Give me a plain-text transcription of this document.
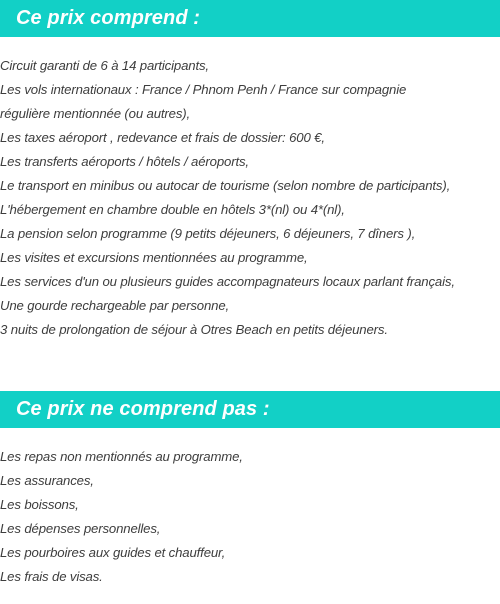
Ce prix comprend :
Circuit garanti de 6 à 14 participants,
Les vols internationaux : France / Phnom Penh / France sur compagnie
régulière mentionnée (ou autres),
Les taxes aéroport , redevance et frais de dossier: 600 €,
Les transferts aéroports / hôtels / aéroports,
Le transport en minibus ou autocar de tourisme (selon nombre de participants),
L'hébergement en chambre double en hôtels 3*(nl) ou 4*(nl),
La pension selon programme (9 petits déjeuners, 6 déjeuners, 7 dîners ),
Les visites et excursions mentionnées au programme,
Les services d'un ou plusieurs guides accompagnateurs locaux parlant français,
Une gourde rechargeable par personne,
3 nuits de prolongation de séjour à Otres Beach en petits déjeuners.
Ce prix ne comprend pas :
Les repas non mentionnés au programme,
Les assurances,
Les boissons,
Les dépenses personnelles,
Les pourboires aux guides et chauffeur,
Les frais de visas.
